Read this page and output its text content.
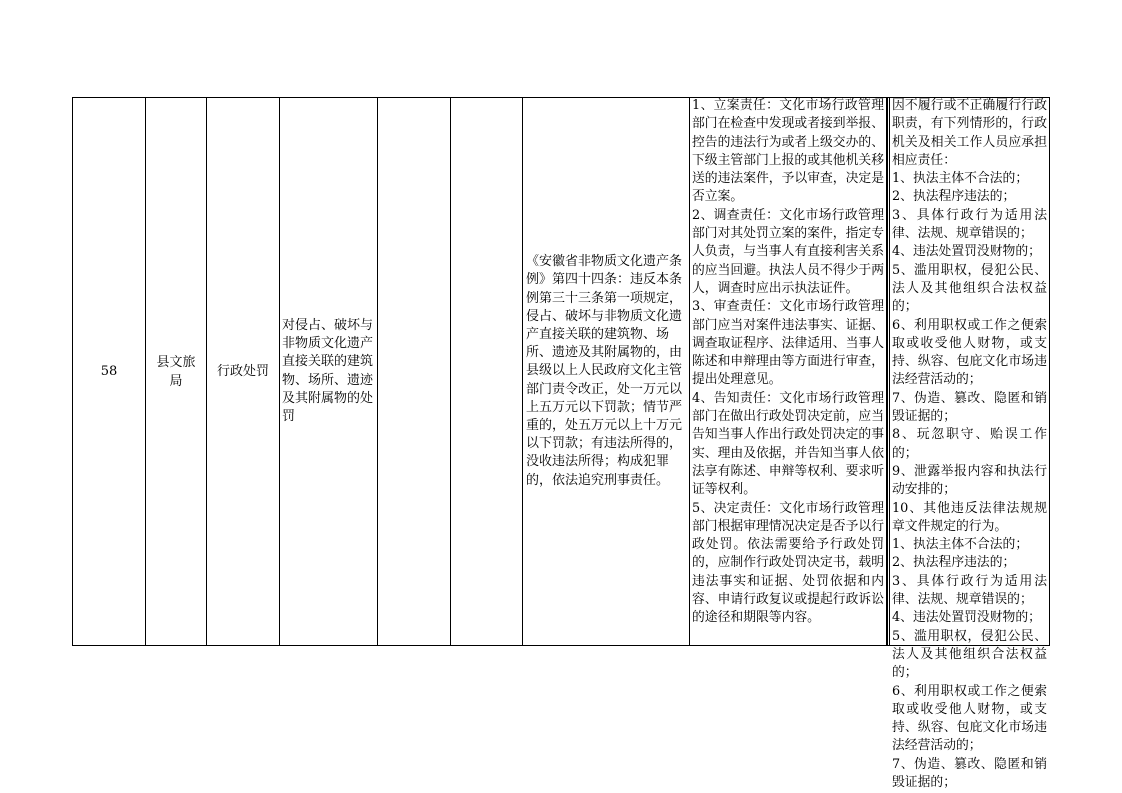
58
县文旅局
行政处罚
对侵占、破坏与非物质文化遗产直接关联的建筑物、场所、遗迹及其附属物的处罚
《安徽省非物质文化遗产条例》第四十四条：违反本条例第三十三条第一项规定，侵占、破坏与非物质文化遗产直接关联的建筑物、场所、遗迹及其附属物的，由县级以上人民政府文化主管部门责令改正，处一万元以上五万元以下罚款；情节严重的，处五万元以上十万元以下罚款；有违法所得的，没收违法所得；构成犯罪的，依法追究刑事责任。
1、立案责任：文化市场行政管理部门在检查中发现或者接到举报、控告的违法行为或者上级交办的、下级主管部门上报的或其他机关移送的违法案件，予以审查，决定是否立案。
2、调查责任：文化市场行政管理部门对其处罚立案的案件，指定专人负责，与当事人有直接利害关系的应当回避。执法人员不得少于两人，调查时应出示执法证件。
3、审查责任：文化市场行政管理部门应当对案件违法事实、证据、调查取证程序、法律适用、当事人陈述和申辩理由等方面进行审查，提出处理意见。
4、告知责任：文化市场行政管理部门在做出行政处罚决定前，应当告知当事人作出行政处罚决定的事实、理由及依据，并告知当事人依法享有陈述、申辩等权利、要求听证等权利。
5、决定责任：文化市场行政管理部门根据审理情况决定是否予以行政处罚。依法需要给予行政处罚的，应制作行政处罚决定书，载明违法事实和证据、处罚依据和内容、申请行政复议或提起行政诉讼的途径和期限等内容。
因不履行或不正确履行行政职责，有下列情形的，行政机关及相关工作人员应承担相应责任：
1、执法主体不合法的；
2、执法程序违法的；
3、具体行政行为适用法律、法规、规章错误的；
4、违法处置罚没财物的；
5、滥用职权，侵犯公民、法人及其他组织合法权益的；
6、利用职权或工作之便索取或收受他人财物，或支持、纵容、包庇文化市场违法经营活动的；
7、伪造、篡改、隐匿和销毁证据的；
8、玩忽职守、贻误工作的；
9、泄露举报内容和执法行动安排的；
10、其他违反法律法规规章文件规定的行为。
1、执法主体不合法的；
2、执法程序违法的；
3、具体行政行为适用法律、法规、规章错误的；
4、违法处置罚没财物的；
5、滥用职权，侵犯公民、法人及其他组织合法权益的；
6、利用职权或工作之便索取或收受他人财物，或支持、纵容、包庇文化市场违法经营活动的；
7、伪造、篡改、隐匿和销毁证据的；
